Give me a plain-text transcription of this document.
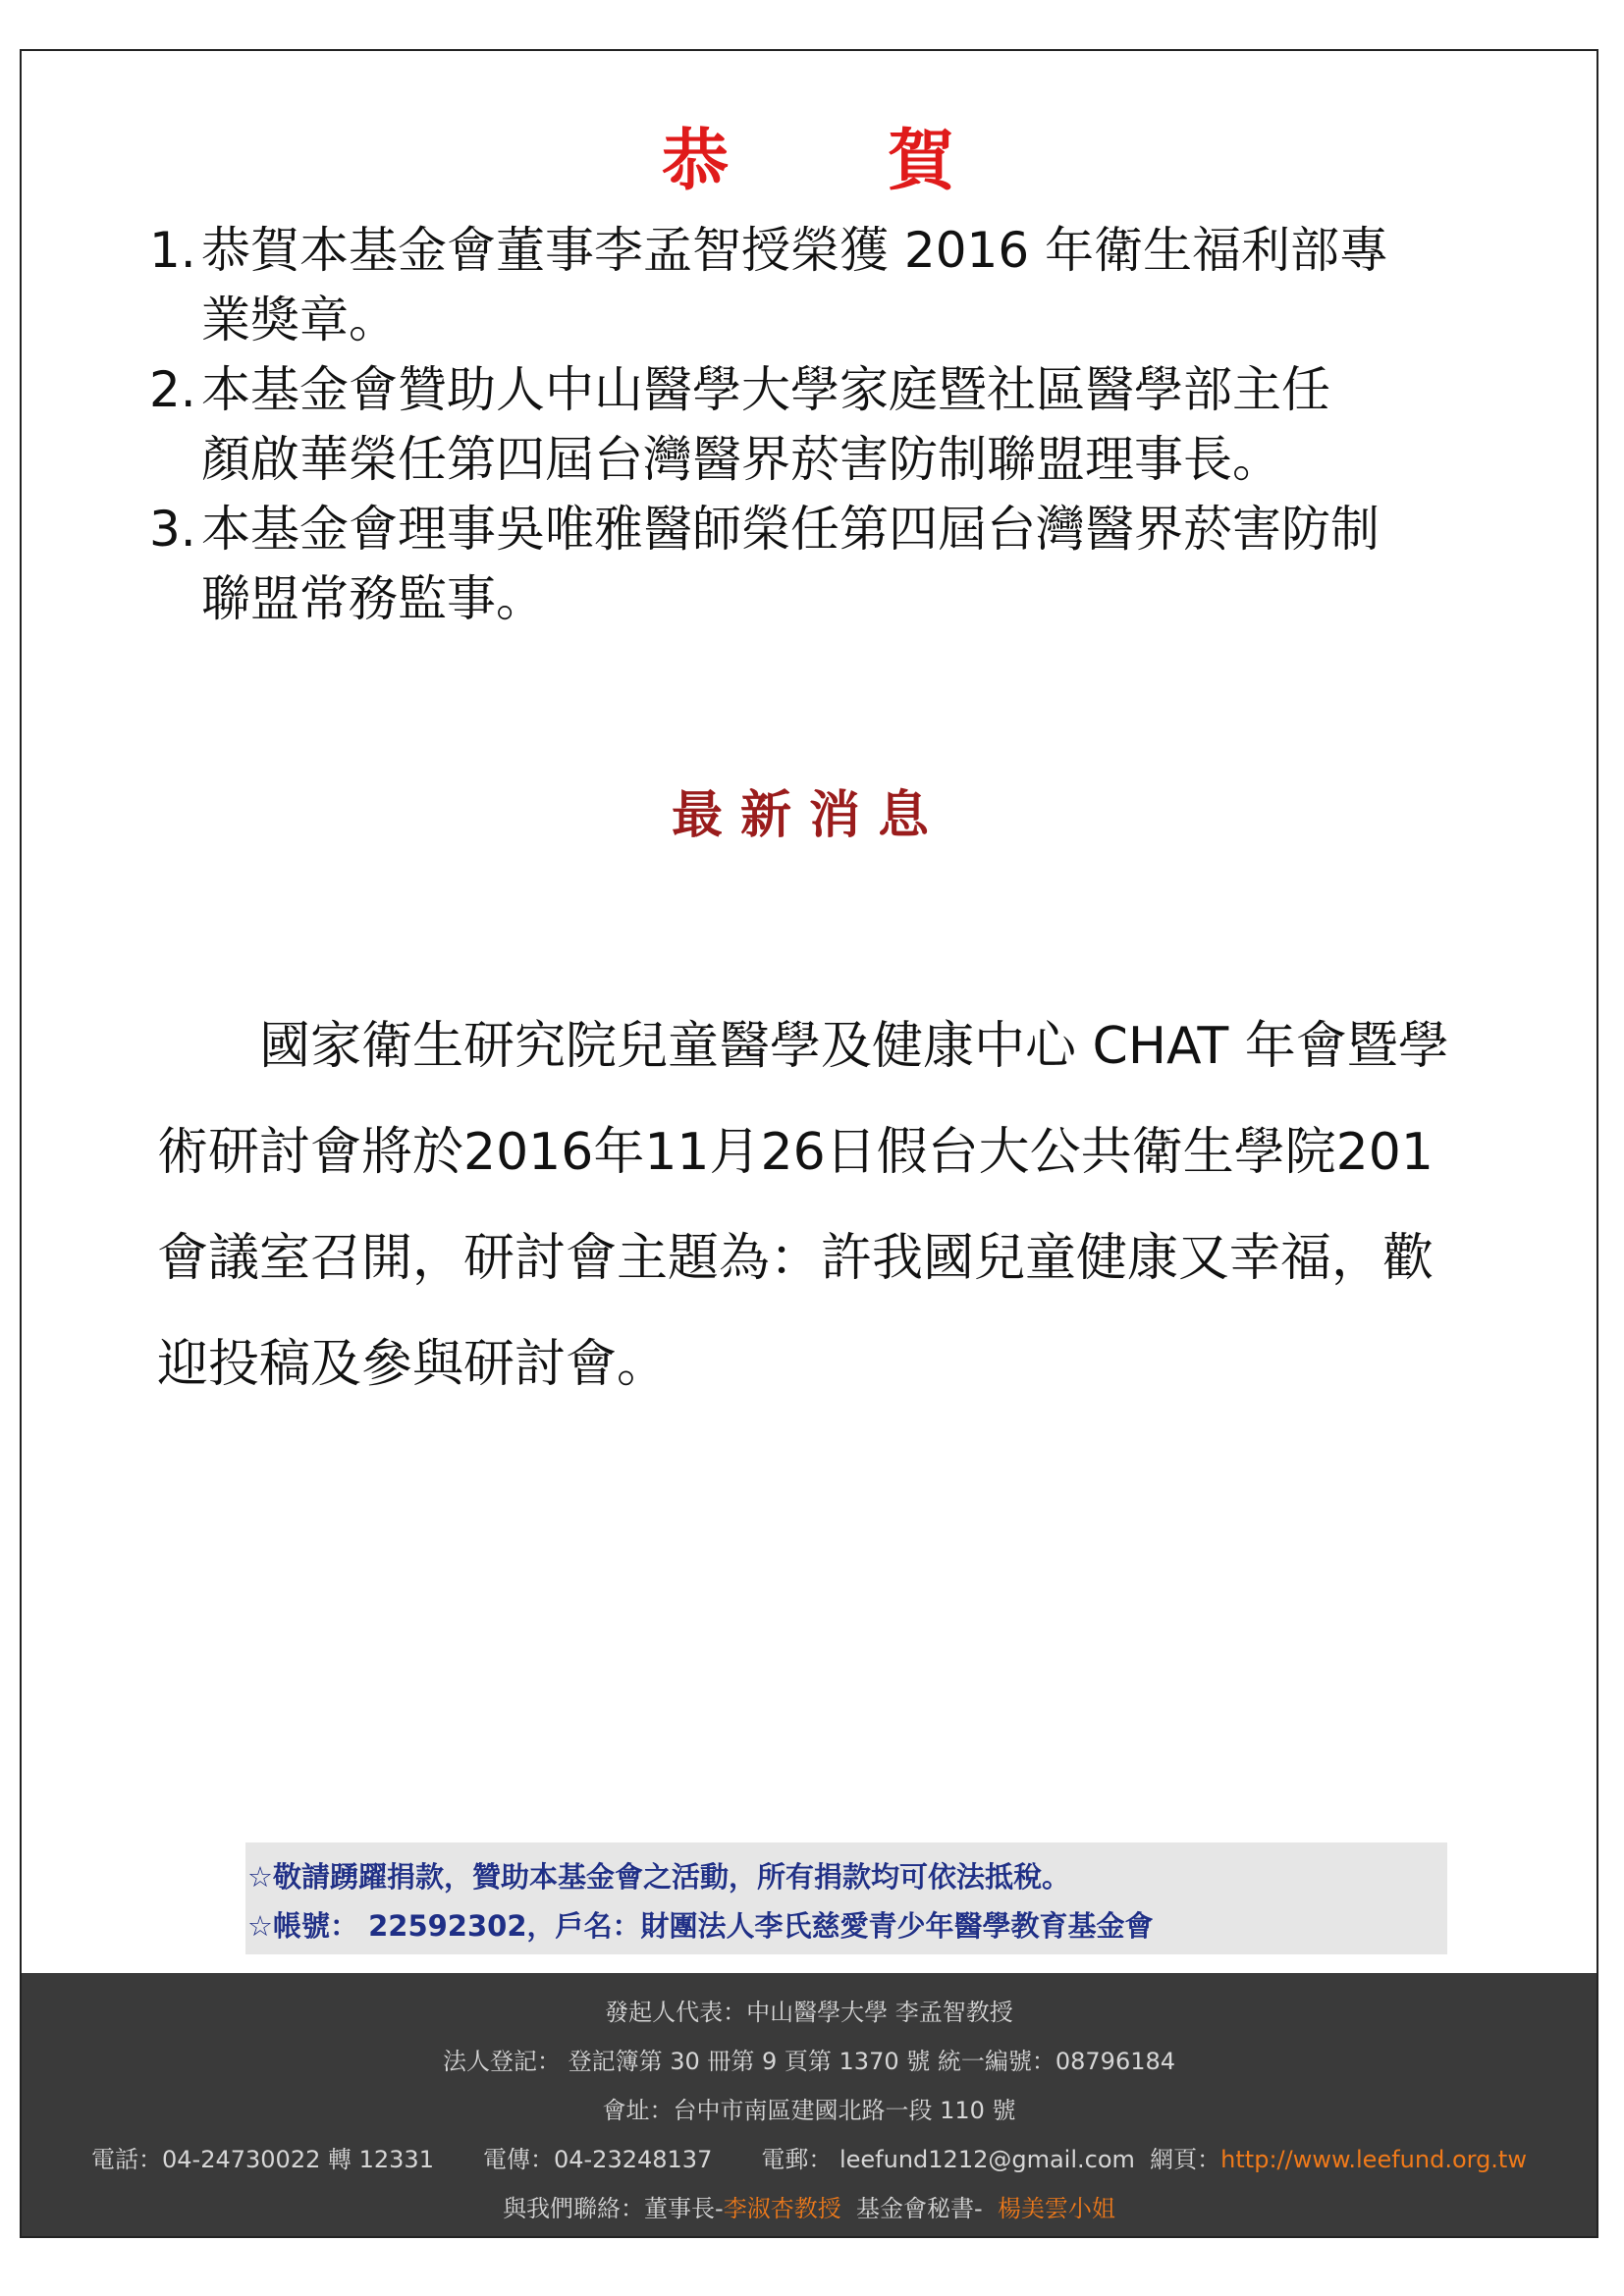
恭 賀
1. 恭賀本基金會董事李孟智授榮獲 2016 年衛生福利部專
業獎章。
2. 本基金會贊助人中山醫學大學家庭暨社區醫學部主任
顏啟華榮任第四屆台灣醫界菸害防制聯盟理事長。
3. 本基金會理事吳唯雅醫師榮任第四屆台灣醫界菸害防制
聯盟常務監事。
最新消息
國家衛生研究院兒童醫學及健康中心 CHAT 年會暨學
術研討會將於2016年11月26日假台大公共衛生學院201
會議室召開，研討會主題為：許我國兒童健康又幸福，歡
迎投稿及參與研討會。
☆敬請踴躍捐款，贊助本基金會之活動，所有捐款均可依法抵稅。
☆帳號： 22592302，戶名：財團法人李氏慈愛青少年醫學教育基金會
發起人代表：中山醫學大學 李孟智教授
法人登記： 登記簿第 30 冊第 9 頁第 1370 號 統一編號：08796184
會址：台中市南區建國北路一段 110 號
電話：04-24730022 轉 12331 電傳：04-23248137 電郵： leefund1212@gmail.com 網頁：http://www.leefund.org.tw
與我們聯絡：董事長-李淑杏教授 基金會秘書- 楊美雲小姐
